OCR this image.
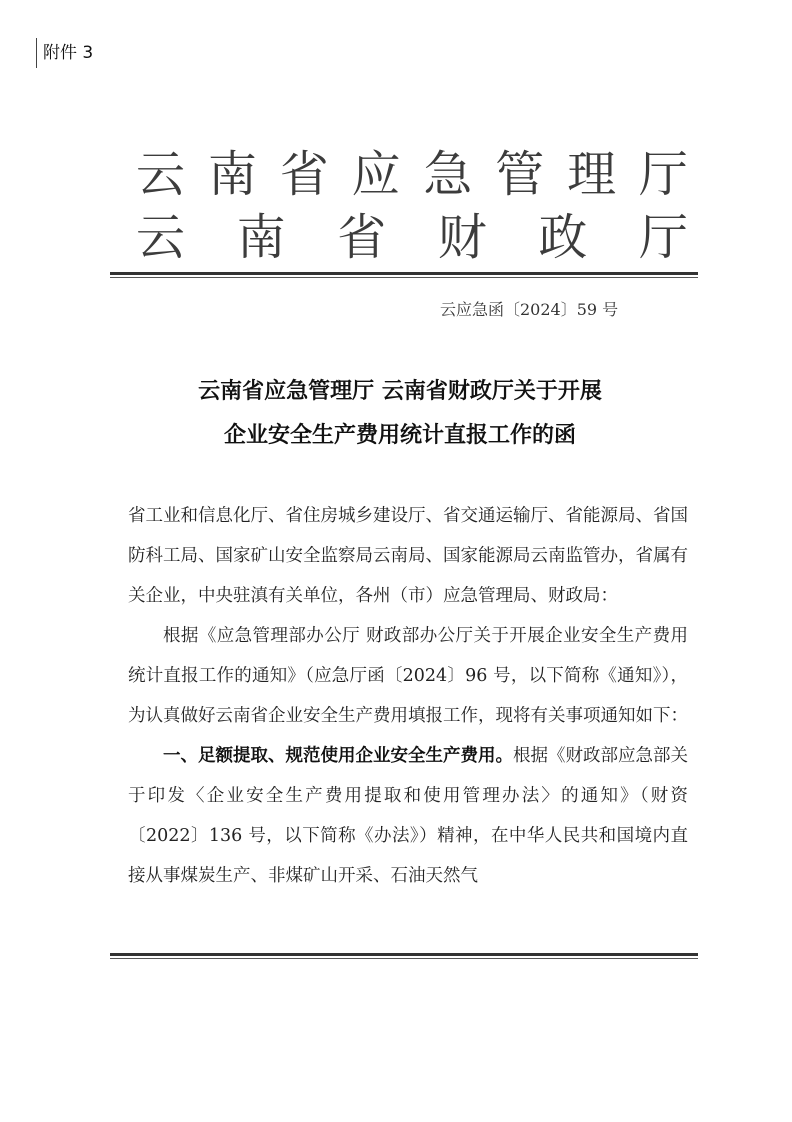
附件 3
云 南 省 应 急 管 理 厅
云 南 省 财 政 厅
云应急函〔2024〕59 号
云南省应急管理厅 云南省财政厅关于开展
企业安全生产费用统计直报工作的函

省工业和信息化厅、省住房城乡建设厅、省交通运输厅、省能源局、省国防科工局、国家矿山安全监察局云南局、国家能源局云南监管办，省属有关企业，中央驻滇有关单位，各州（市）应急管理局、财政局：

根据《应急管理部办公厅 财政部办公厅关于开展企业安全生产费用统计直报工作的通知》（应急厅函〔2024〕96 号，以下简称《通知》），为认真做好云南省企业安全生产费用填报工作，现将有关事项通知如下：

一、足额提取、规范使用企业安全生产费用。根据《财政部应急部关于印发〈企业安全生产费用提取和使用管理办法〉的通知》（财资〔2022〕136 号，以下简称《办法》）精神，在中华人民共和国境内直接从事煤炭生产、非煤矿山开采、石油天然气
